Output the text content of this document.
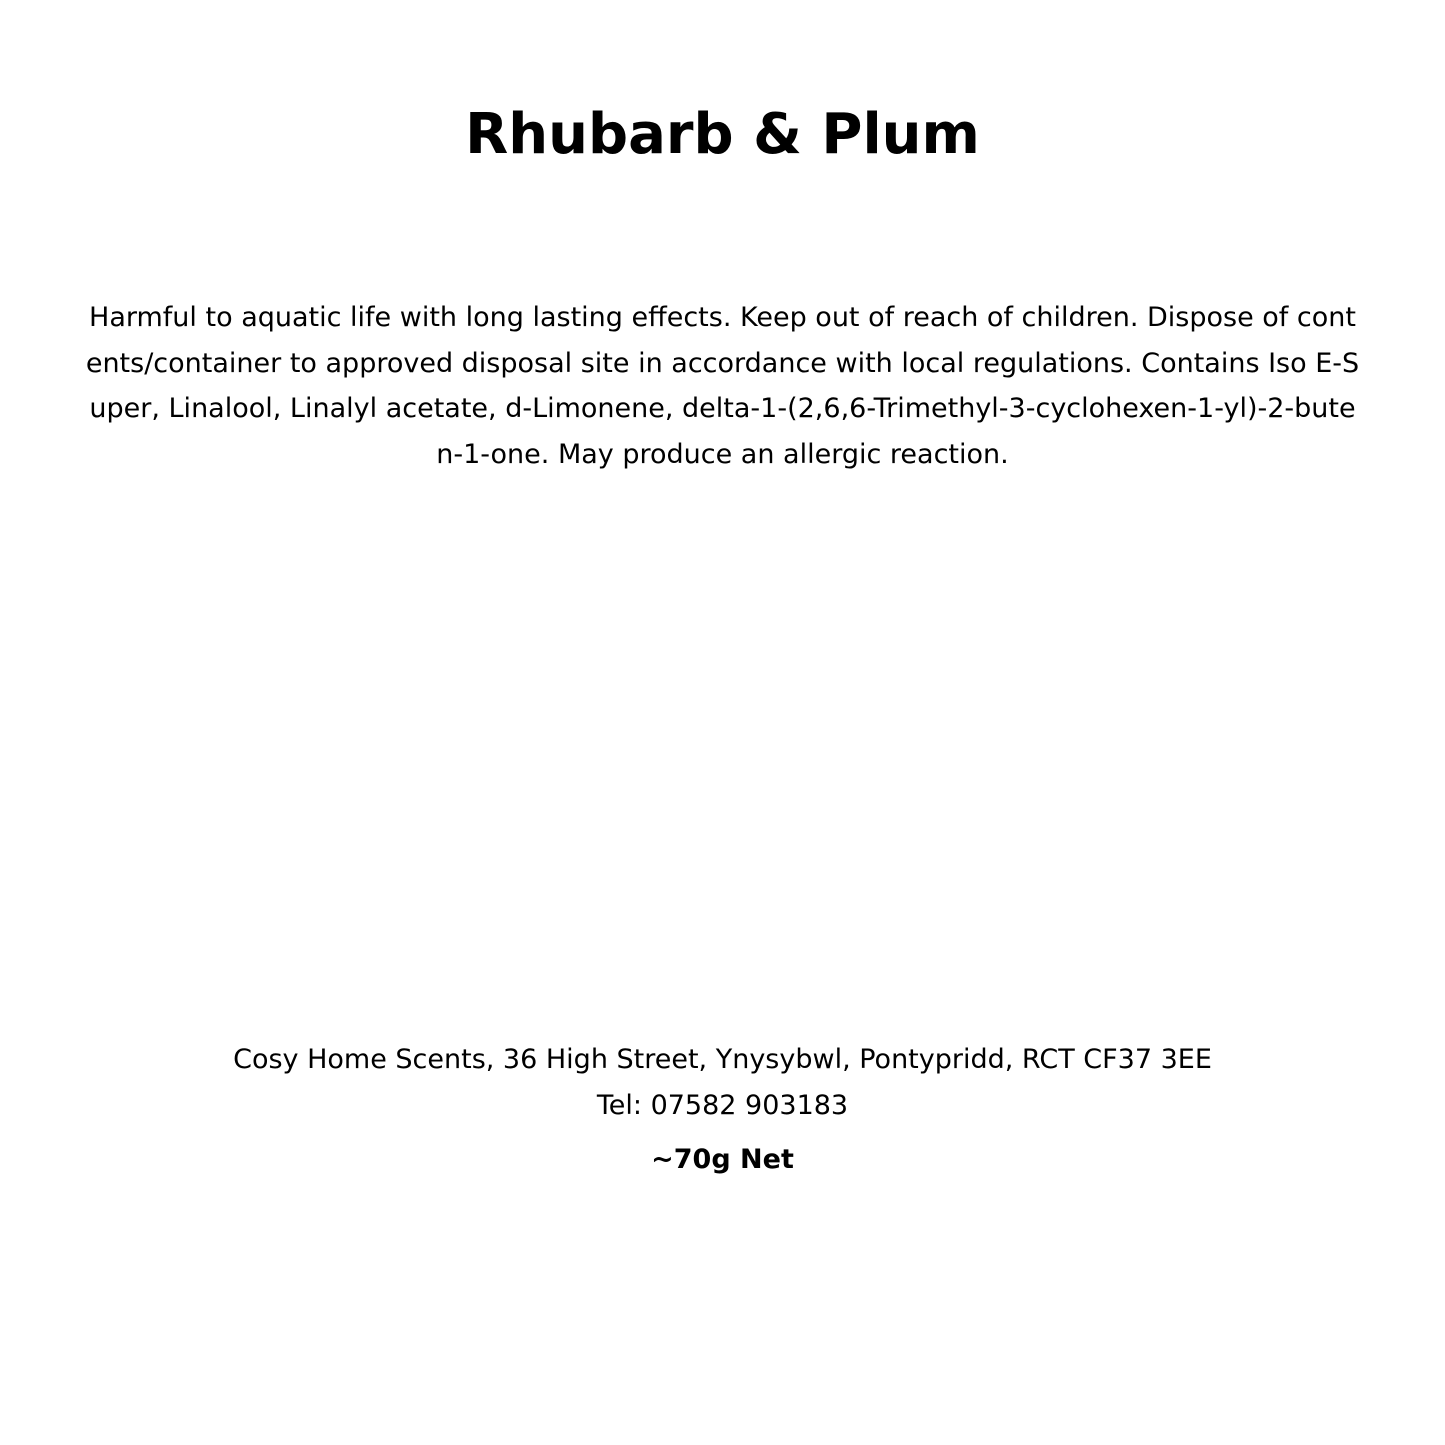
Rhubarb & Plum

Harmful to aquatic life with long lasting effects. Keep out of reach of children. Dispose of contents/container to approved disposal site in accordance with local regulations. Contains Iso E-Super, Linalool, Linalyl acetate, d-Limonene, delta-1-(2,6,6-Trimethyl-3-cyclohexen-1-yl)-2-buten-1-one. May produce an allergic reaction.

Cosy Home Scents, 36 High Street, Ynysybwl, Pontypridd, RCT CF37 3EE
Tel: 07582 903183
~70g Net
